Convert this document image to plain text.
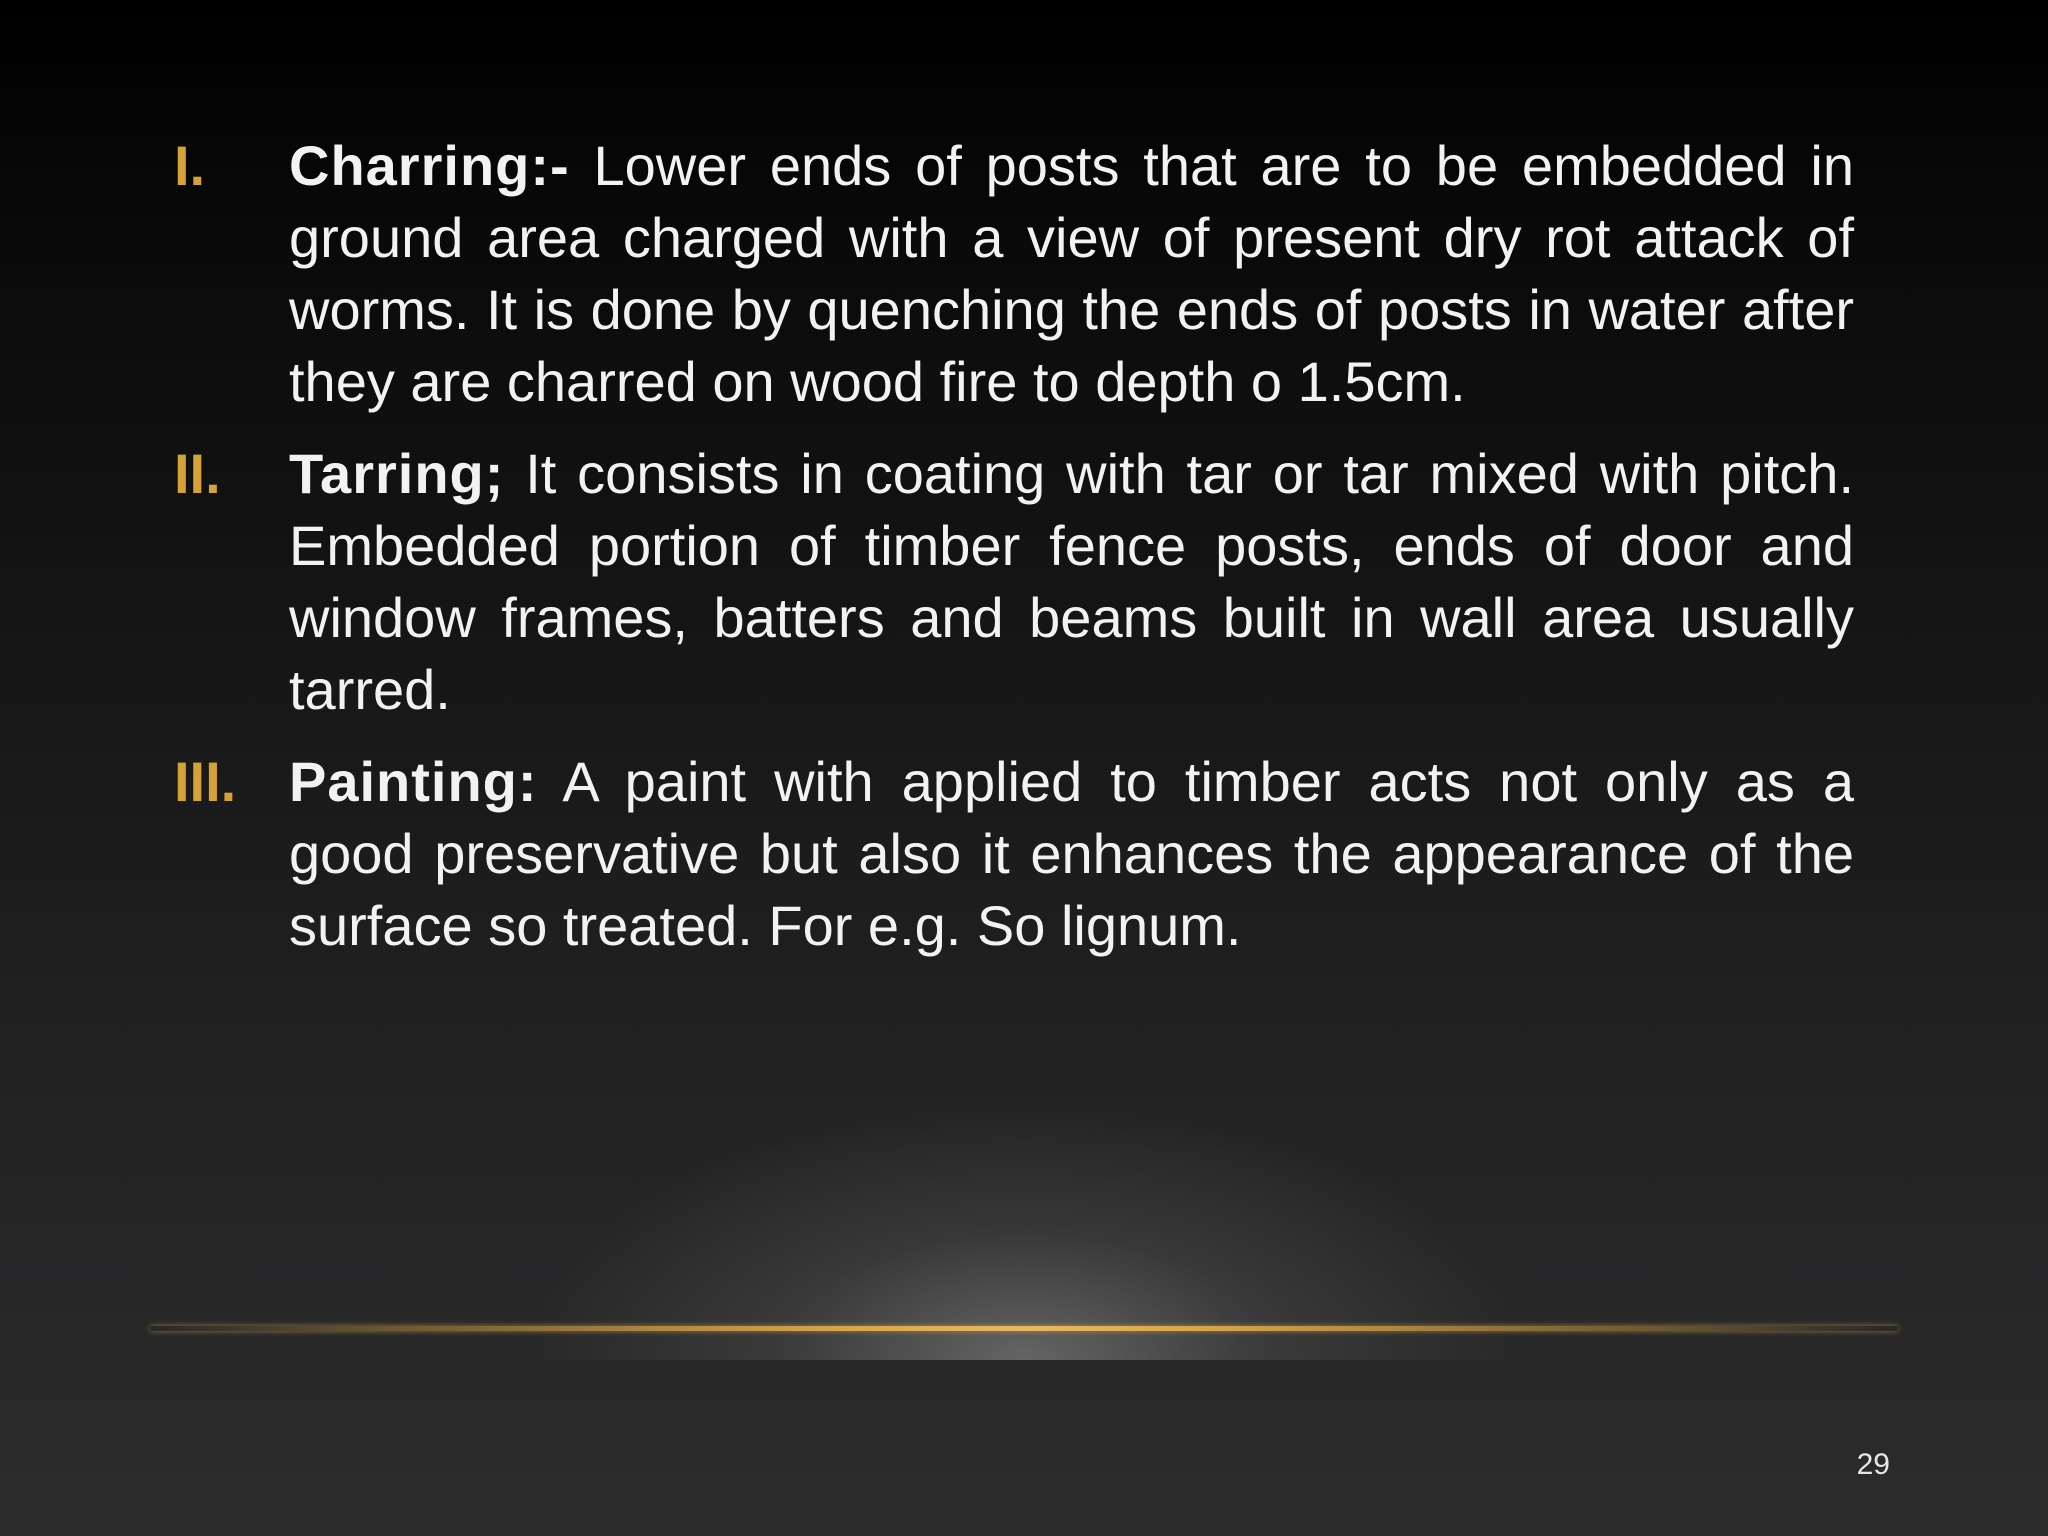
I.	Charring:- Lower ends of posts that are to be embedded in ground area charged with a view of present dry rot attack of worms. It is done by quenching the ends of posts in water after they are charred on wood fire to depth o 1.5cm.
II.	Tarring; It consists in coating with tar or tar mixed with pitch. Embedded portion of timber fence posts, ends of door and window frames, batters and beams built in wall area usually tarred.
III. Painting: A paint with applied to timber acts not only as a good preservative but also it enhances the appearance of the surface so treated. For e.g. So lignum.
29
